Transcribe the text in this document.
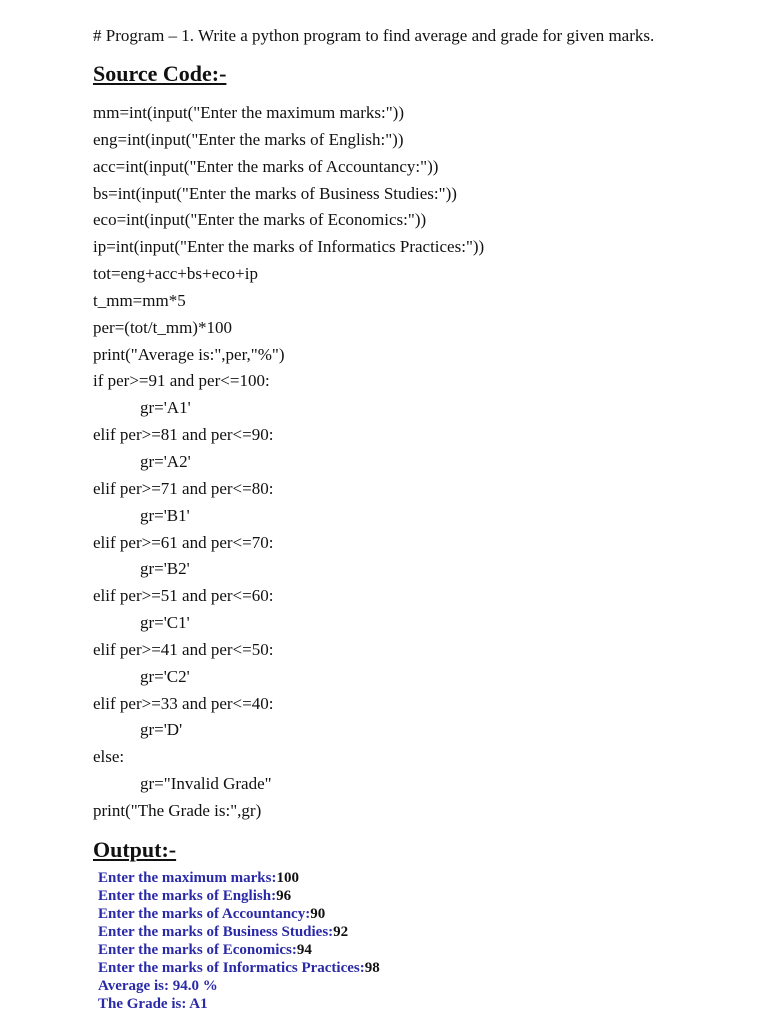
# Program – 1. Write a python program to find average and grade for given marks.
Source Code:-
mm=int(input("Enter the maximum marks:"))
eng=int(input("Enter the marks of English:"))
acc=int(input("Enter the marks of Accountancy:"))
bs=int(input("Enter the marks of Business Studies:"))
eco=int(input("Enter the marks of Economics:"))
ip=int(input("Enter the marks of Informatics Practices:"))
tot=eng+acc+bs+eco+ip
t_mm=mm*5
per=(tot/t_mm)*100
print("Average is:",per,"%")
if per>=91 and per<=100:
gr='A1'
elif per>=81 and per<=90:
gr='A2'
elif per>=71 and per<=80:
gr='B1'
elif per>=61 and per<=70:
gr='B2'
elif per>=51 and per<=60:
gr='C1'
elif per>=41 and per<=50:
gr='C2'
elif per>=33 and per<=40:
gr='D'
else:
gr="Invalid Grade"
print("The Grade is:",gr)
Output:-
Enter the maximum marks:100
Enter the marks of English:96
Enter the marks of Accountancy:90
Enter the marks of Business Studies:92
Enter the marks of Economics:94
Enter the marks of Informatics Practices:98
Average is: 94.0 %
The Grade is: A1
